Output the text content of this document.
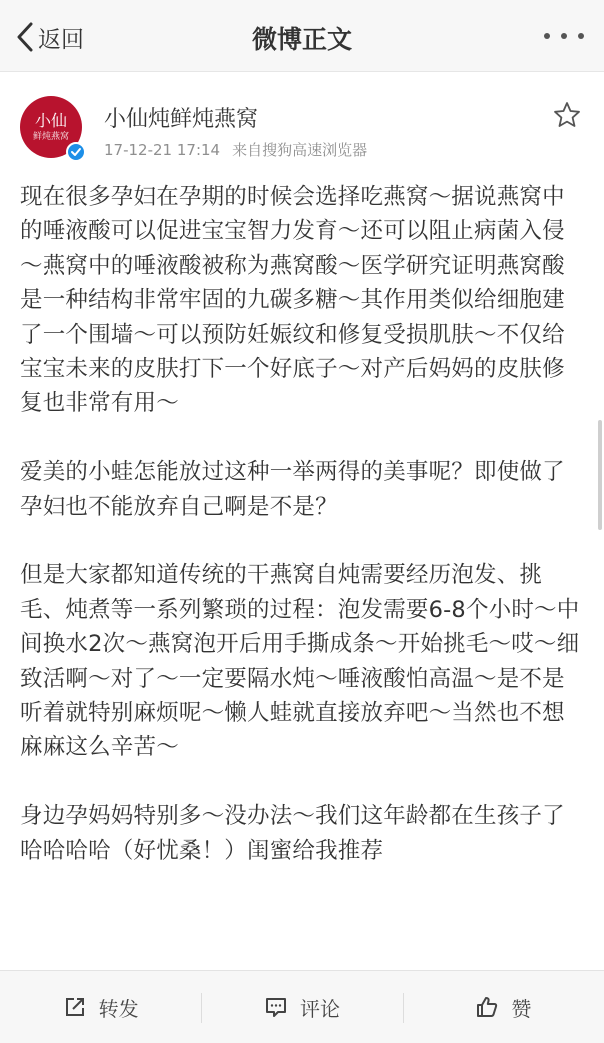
返回	微博正文
小仙
鲜炖燕窝
小仙炖鲜炖燕窝
17-12-21 17:14 来自搜狗高速浏览器

现在很多孕妇在孕期的时候会选择吃燕窝～据说燕窝中的唾液酸可以促进宝宝智力发育～还可以阻止病菌入侵～燕窝中的唾液酸被称为燕窝酸～医学研究证明燕窝酸是一种结构非常牢固的九碳多糖～其作用类似给细胞建了一个围墙～可以预防妊娠纹和修复受损肌肤～不仅给宝宝未来的皮肤打下一个好底子～对产后妈妈的皮肤修复也非常有用～

爱美的小蛙怎能放过这种一举两得的美事呢？即使做了孕妇也不能放弃自己啊是不是？

但是大家都知道传统的干燕窝自炖需要经历泡发、挑毛、炖煮等一系列繁琐的过程：泡发需要6-8个小时～中间换水2次～燕窝泡开后用手撕成条～开始挑毛～哎～细致活啊～对了～一定要隔水炖～唾液酸怕高温～是不是听着就特别麻烦呢～懒人蛙就直接放弃吧～当然也不想麻麻这么辛苦～

身边孕妈妈特别多～没办法～我们这年龄都在生孩子了哈哈哈哈（好忧桑！）闺蜜给我推荐

转发	评论	赞
